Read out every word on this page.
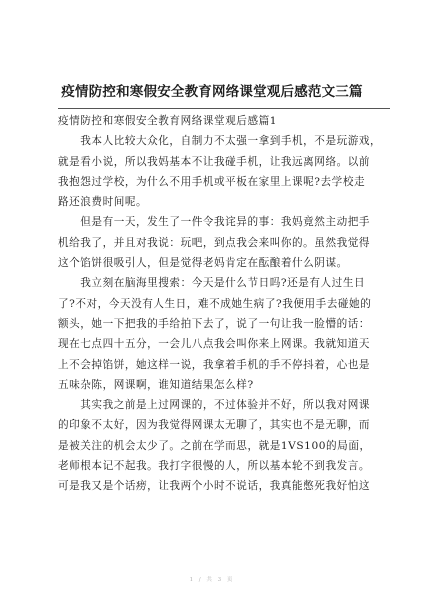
疫情防控和寒假安全教育网络课堂观后感范文三篇
疫情防控和寒假安全教育网络课堂观后感篇1
　　我本人比较大众化，自制力不太强一拿到手机，不是玩游戏，
就是看小说，所以我妈基本不让我碰手机，让我远离网络。以前
我抱怨过学校，为什么不用手机或平板在家里上课呢?去学校走
路还浪费时间呢。
　　但是有一天，发生了一件令我诧异的事：我妈竟然主动把手
机给我了，并且对我说：玩吧，到点我会来叫你的。虽然我觉得
这个馅饼很吸引人，但是觉得老妈肯定在酝酿着什么阴谋。
　　我立刻在脑海里搜索：今天是什么节日吗?还是有人过生日
了?不对，今天没有人生日，难不成她生病了?我便用手去碰她的
额头，她一下把我的手给拍下去了，说了一句让我一脸懵的话：
现在七点四十五分，一会儿八点我会叫你来上网课。我就知道天
上不会掉馅饼，她这样一说，我拿着手机的手不停抖着，心也是
五味杂陈，网课啊，谁知道结果怎么样?
　　其实我之前是上过网课的，不过体验并不好，所以我对网课
的印象不太好，因为我觉得网课太无聊了，其实也不是无聊，而
是被关注的机会太少了。之前在学而思，就是1VS100的局面，
老师根本记不起我。我打字很慢的人，所以基本轮不到我发言。
可是我又是个话痨，让我两个小时不说话，我真能憋死我好怕这
1 / 共 3 页
